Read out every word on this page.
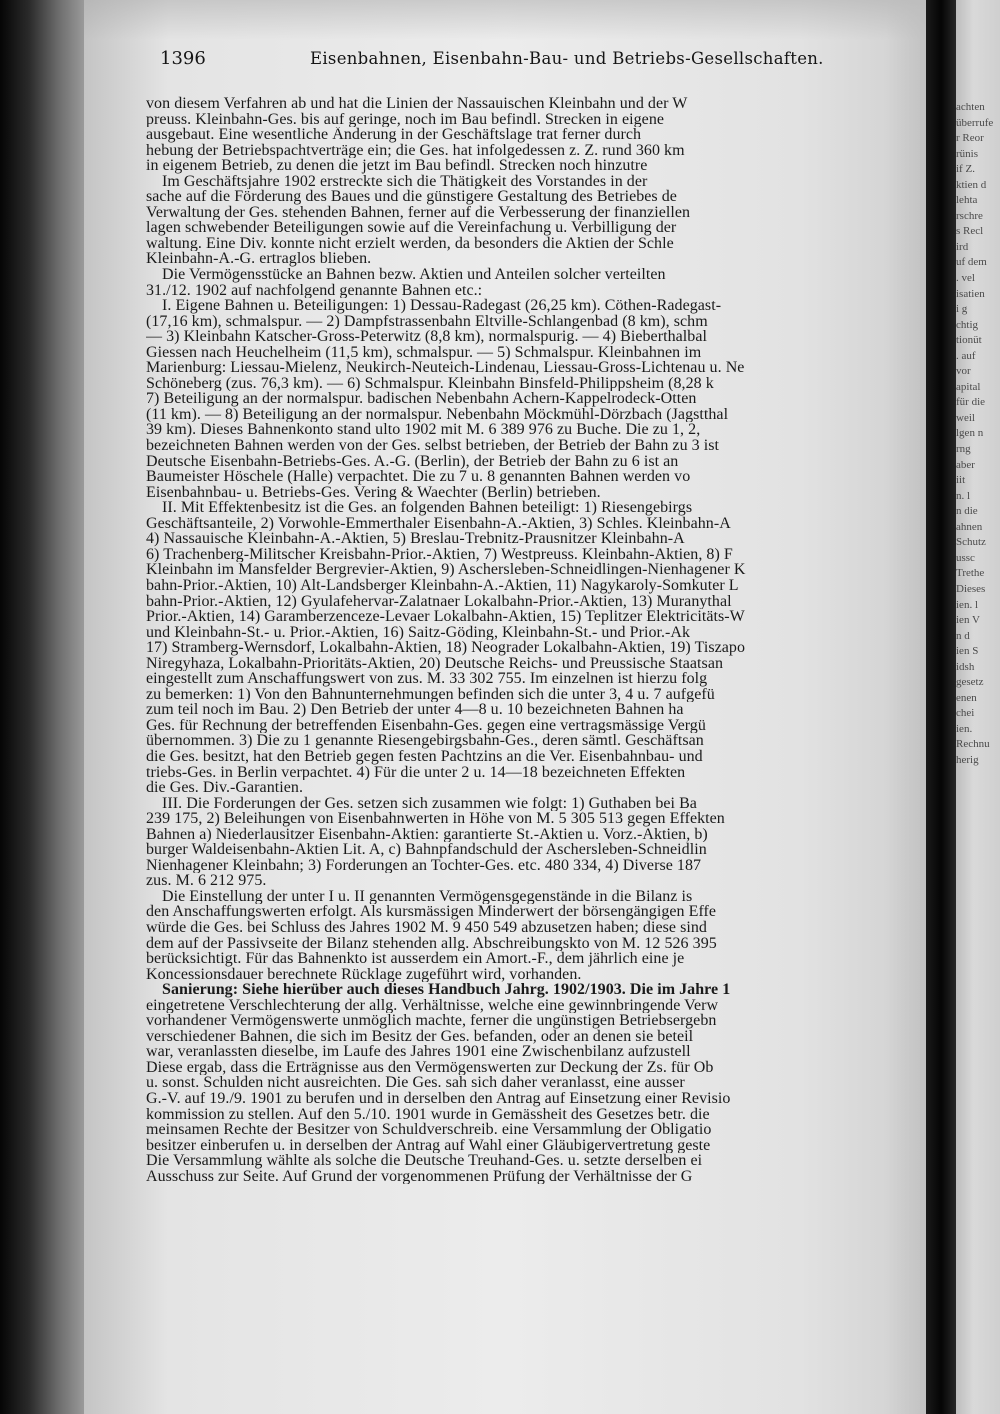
1396	Eisenbahnen, Eisenbahn-Bau- und Betriebs-Gesellschaften.
von diesem Verfahren ab und hat die Linien der Nassauischen Kleinbahn und der W
preuss. Kleinbahn-Ges. bis auf geringe, noch im Bau befindl. Strecken in eigene
ausgebaut. Eine wesentliche Änderung in der Geschäftslage trat ferner durch
hebung der Betriebspachtverträge ein; die Ges. hat infolgedessen z. Z. rund 360 km
in eigenem Betrieb, zu denen die jetzt im Bau befindl. Strecken noch hinzutre
Im Geschäftsjahre 1902 erstreckte sich die Thätigkeit des Vorstandes in der
sache auf die Förderung des Baues und die günstigere Gestaltung des Betriebes de
Verwaltung der Ges. stehenden Bahnen, ferner auf die Verbesserung der finanziellen
lagen schwebender Beteiligungen sowie auf die Vereinfachung u. Verbilligung der
waltung. Eine Div. konnte nicht erzielt werden, da besonders die Aktien der Schle
Kleinbahn-A.-G. ertraglos blieben.
Die Vermögensstücke an Bahnen bezw. Aktien und Anteilen solcher verteilten
31./12. 1902 auf nachfolgend genannte Bahnen etc.:
I. Eigene Bahnen u. Beteiligungen: 1) Dessau-Radegast (26,25 km). Cöthen-Radegast-
(17,16 km), schmalspur. — 2) Dampfstrassenbahn Eltville-Schlangenbad (8 km), schm
— 3) Kleinbahn Katscher-Gross-Peterwitz (8,8 km), normalspurig. — 4) Bieberthalbal
Giessen nach Heuchelheim (11,5 km), schmalspur. — 5) Schmalspur. Kleinbahnen im
Marienburg: Liessau-Mielenz, Neukirch-Neuteich-Lindenau, Liessau-Gross-Lichtenau u. Ne
Schöneberg (zus. 76,3 km). — 6) Schmalspur. Kleinbahn Binsfeld-Philippsheim (8,28 k
7) Beteiligung an der normalspur. badischen Nebenbahn Achern-Kappelrodeck-Otten
(11 km). — 8) Beteiligung an der normalspur. Nebenbahn Möckmühl-Dörzbach (Jagstthal
39 km). Dieses Bahnenkonto stand ulto 1902 mit M. 6 389 976 zu Buche. Die zu 1, 2,
bezeichneten Bahnen werden von der Ges. selbst betrieben, der Betrieb der Bahn zu 3 ist
Deutsche Eisenbahn-Betriebs-Ges. A.-G. (Berlin), der Betrieb der Bahn zu 6 ist an
Baumeister Höschele (Halle) verpachtet. Die zu 7 u. 8 genannten Bahnen werden vo
Eisenbahnbau- u. Betriebs-Ges. Vering & Waechter (Berlin) betrieben.
II. Mit Effektenbesitz ist die Ges. an folgenden Bahnen beteiligt: 1) Riesengebirgs
Geschäftsanteile, 2) Vorwohle-Emmerthaler Eisenbahn-A.-Aktien, 3) Schles. Kleinbahn-A
4) Nassauische Kleinbahn-A.-Aktien, 5) Breslau-Trebnitz-Prausnitzer Kleinbahn-A
6) Trachenberg-Militscher Kreisbahn-Prior.-Aktien, 7) Westpreuss. Kleinbahn-Aktien, 8) F
Kleinbahn im Mansfelder Bergrevier-Aktien, 9) Aschersleben-Schneidlingen-Nienhagener K
bahn-Prior.-Aktien, 10) Alt-Landsberger Kleinbahn-A.-Aktien, 11) Nagykaroly-Somkuter L
bahn-Prior.-Aktien, 12) Gyulafehervar-Zalatnaer Lokalbahn-Prior.-Aktien, 13) Muranythal
Prior.-Aktien, 14) Garamberzenceze-Levaer Lokalbahn-Aktien, 15) Teplitzer Elektricitäts-W
und Kleinbahn-St.- u. Prior.-Aktien, 16) Saitz-Göding, Kleinbahn-St.- und Prior.-Ak
17) Stramberg-Wernsdorf, Lokalbahn-Aktien, 18) Neograder Lokalbahn-Aktien, 19) Tiszapo
Niregyhaza, Lokalbahn-Prioritäts-Aktien, 20) Deutsche Reichs- und Preussische Staatsan
eingestellt zum Anschaffungswert von zus. M. 33 302 755. Im einzelnen ist hierzu folg
zu bemerken: 1) Von den Bahnunternehmungen befinden sich die unter 3, 4 u. 7 aufgefü
zum teil noch im Bau. 2) Den Betrieb der unter 4—8 u. 10 bezeichneten Bahnen ha
Ges. für Rechnung der betreffenden Eisenbahn-Ges. gegen eine vertragsmässige Vergü
übernommen. 3) Die zu 1 genannte Riesengebirgsbahn-Ges., deren sämtl. Geschäftsan
die Ges. besitzt, hat den Betrieb gegen festen Pachtzins an die Ver. Eisenbahnbau- und
triebs-Ges. in Berlin verpachtet. 4) Für die unter 2 u. 14—18 bezeichneten Effekten
die Ges. Div.-Garantien.
III. Die Forderungen der Ges. setzen sich zusammen wie folgt: 1) Guthaben bei Ba
239 175, 2) Beleihungen von Eisenbahnwerten in Höhe von M. 5 305 513 gegen Effekten
Bahnen a) Niederlausitzer Eisenbahn-Aktien: garantierte St.-Aktien u. Vorz.-Aktien, b)
burger Waldeisenbahn-Aktien Lit. A, c) Bahnpfandschuld der Aschersleben-Schneidlin
Nienhagener Kleinbahn; 3) Forderungen an Tochter-Ges. etc. 480 334, 4) Diverse 187
zus. M. 6 212 975.
Die Einstellung der unter I u. II genannten Vermögensgegenstände in die Bilanz is
den Anschaffungswerten erfolgt. Als kursmässigen Minderwert der börsengängigen Effe
würde die Ges. bei Schluss des Jahres 1902 M. 9 450 549 abzusetzen haben; diese sind
dem auf der Passivseite der Bilanz stehenden allg. Abschreibungskto von M. 12 526 395
berücksichtigt. Für das Bahnenkto ist ausserdem ein Amort.-F., dem jährlich eine je
Koncessionsdauer berechnete Rücklage zugeführt wird, vorhanden.
Sanierung: Siehe hierüber auch dieses Handbuch Jahrg. 1902/1903. Die im Jahre 1
eingetretene Verschlechterung der allg. Verhältnisse, welche eine gewinnbringende Verw
vorhandener Vermögenswerte unmöglich machte, ferner die ungünstigen Betriebsergebn
verschiedener Bahnen, die sich im Besitz der Ges. befanden, oder an denen sie beteil
war, veranlassten dieselbe, im Laufe des Jahres 1901 eine Zwischenbilanz aufzustell
Diese ergab, dass die Erträgnisse aus den Vermögenswerten zur Deckung der Zs. für Ob
u. sonst. Schulden nicht ausreichten. Die Ges. sah sich daher veranlasst, eine ausser
G.-V. auf 19./9. 1901 zu berufen und in derselben den Antrag auf Einsetzung einer Revisio
kommission zu stellen. Auf den 5./10. 1901 wurde in Gemässheit des Gesetzes betr. die
meinsamen Rechte der Besitzer von Schuldverschreib. eine Versammlung der Obligatio
besitzer einberufen u. in derselben der Antrag auf Wahl einer Gläubigervertretung geste
Die Versammlung wählte als solche die Deutsche Treuhand-Ges. u. setzte derselben ei
Ausschuss zur Seite. Auf Grund der vorgenommenen Prüfung der Verhältnisse der G
achten
überrufe
r Reor
rünis
if Z.
ktien d
lehta
rschre
s Recl
ird
uf dem
. vel
isatien
i g
chtig
tionüt
. auf
vor
apital
für die
weil
lgen n
rng
aber
iit
n. l
n die
ahnen
Schutz
ussc
Trethe
Dieses
ien. l
ien V
n d
ien S
idsh
gesetz
enen
chei
ien.
Rechnu
herig
